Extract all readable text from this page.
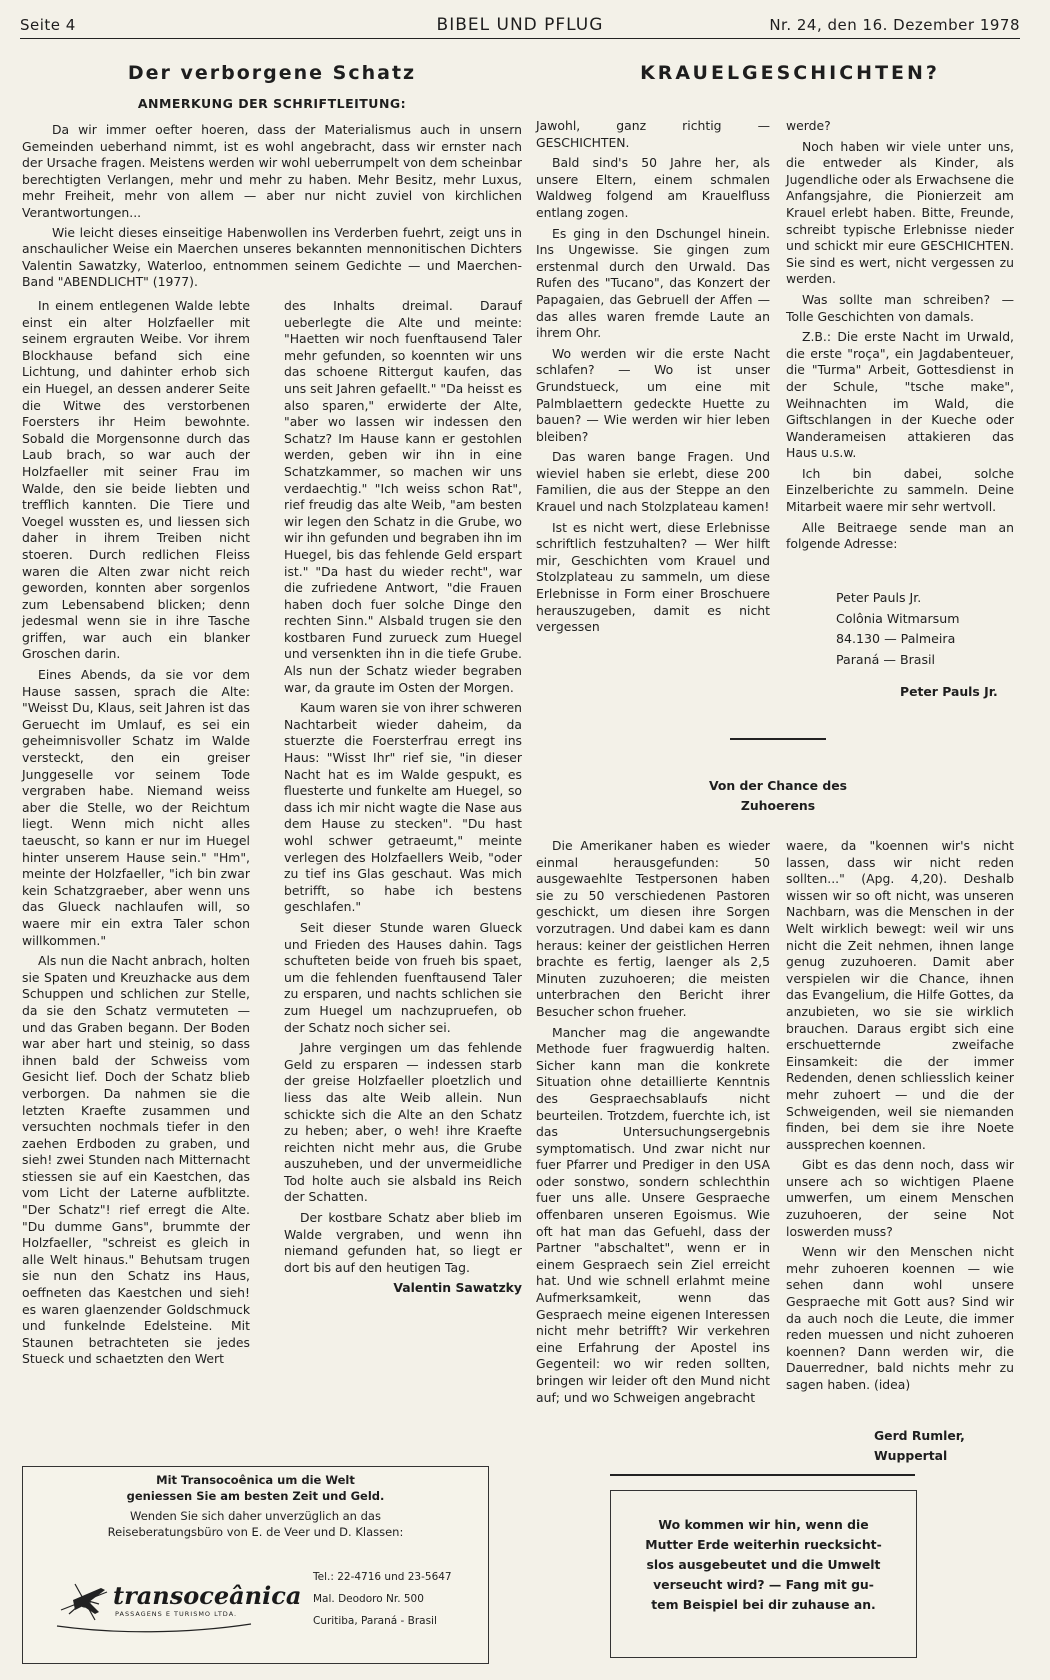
Seite 4	BIBEL UND PFLUG	Nr. 24, den 16. Dezember 1978
Der verborgene Schatz
ANMERKUNG DER SCHRIFTLEITUNG:

Da wir immer oefter hoeren, dass der Materialismus auch in unsern Gemeinden ueberhand nimmt, ist es wohl angebracht, dass wir ernster nach der Ursache fragen. Meistens werden wir wohl ueberrumpelt von dem scheinbar berechtigten Verlangen, mehr und mehr zu haben. Mehr Besitz, mehr Luxus, mehr Freiheit, mehr von allem — aber nur nicht zuviel von kirchlichen Verantwortungen...

Wie leicht dieses einseitige Habenwollen ins Verderben fuehrt, zeigt uns in anschaulicher Weise ein Maerchen unseres bekannten mennonitischen Dichters Valentin Sawatzky, Waterloo, entnommen seinem Gedichte — und Maerchen-Band "ABENDLICHT" (1977).

In einem entlegenen Walde lebte einst ein alter Holzfaeller mit seinem ergrauten Weibe. Vor ihrem Blockhause befand sich eine Lichtung, und dahinter erhob sich ein Huegel, an dessen anderer Seite die Witwe des verstorbenen Foersters ihr Heim bewohnte. Sobald die Morgensonne durch das Laub brach, so war auch der Holzfaeller mit seiner Frau im Walde, den sie beide liebten und trefflich kannten. Die Tiere und Voegel wussten es, und liessen sich daher in ihrem Treiben nicht stoeren. Durch redlichen Fleiss waren die Alten zwar nicht reich geworden, konnten aber sorgenlos zum Lebensabend blicken; denn jedesmal wenn sie in ihre Tasche griffen, war auch ein blanker Groschen darin.

Eines Abends, da sie vor dem Hause sassen, sprach die Alte: "Weisst Du, Klaus, seit Jahren ist das Geruecht im Umlauf, es sei ein geheimnisvoller Schatz im Walde versteckt, den ein greiser Junggeselle vor seinem Tode vergraben habe. Niemand weiss aber die Stelle, wo der Reichtum liegt. Wenn mich nicht alles taeuscht, so kann er nur im Huegel hinter unserem Hause sein." "Hm", meinte der Holzfaeller, "ich bin zwar kein Schatzgraeber, aber wenn uns das Glueck nachlaufen will, so waere mir ein extra Taler schon willkommen."

Als nun die Nacht anbrach, holten sie Spaten und Kreuzhacke aus dem Schuppen und schlichen zur Stelle, da sie den Schatz vermuteten — und das Graben begann. Der Boden war aber hart und steinig, so dass ihnen bald der Schweiss vom Gesicht lief. Doch der Schatz blieb verborgen. Da nahmen sie die letzten Kraefte zusammen und versuchten nochmals tiefer in den zaehen Erdboden zu graben, und sieh! zwei Stunden nach Mitternacht stiessen sie auf ein Kaestchen, das vom Licht der Laterne aufblitzte. "Der Schatz"! rief erregt die Alte. "Du dumme Gans", brummte der Holzfaeller, "schreist es gleich in alle Welt hinaus." Behutsam trugen sie nun den Schatz ins Haus, oeffneten das Kaestchen und sieh! es waren glaenzender Goldschmuck und funkelnde Edelsteine. Mit Staunen betrachteten sie jedes Stueck und schaetzten den Wert

des Inhalts dreimal. Darauf ueberlegte die Alte und meinte: "Haetten wir noch fuenftausend Taler mehr gefunden, so koennten wir uns das schoene Rittergut kaufen, das uns seit Jahren gefaellt." "Da heisst es also sparen," erwiderte der Alte, "aber wo lassen wir indessen den Schatz? Im Hause kann er gestohlen werden, geben wir ihn in eine Schatzkammer, so machen wir uns verdaechtig." "Ich weiss schon Rat", rief freudig das alte Weib, "am besten wir legen den Schatz in die Grube, wo wir ihn gefunden und begraben ihn im Huegel, bis das fehlende Geld erspart ist." "Da hast du wieder recht", war die zufriedene Antwort, "die Frauen haben doch fuer solche Dinge den rechten Sinn." Alsbald trugen sie den kostbaren Fund zurueck zum Huegel und versenkten ihn in die tiefe Grube. Als nun der Schatz wieder begraben war, da graute im Osten der Morgen.

Kaum waren sie von ihrer schweren Nachtarbeit wieder daheim, da stuerzte die Foersterfrau erregt ins Haus: "Wisst Ihr" rief sie, "in dieser Nacht hat es im Walde gespukt, es fluesterte und funkelte am Huegel, so dass ich mir nicht wagte die Nase aus dem Hause zu stecken". "Du hast wohl schwer getraeumt," meinte verlegen des Holzfaellers Weib, "oder zu tief ins Glas geschaut. Was mich betrifft, so habe ich bestens geschlafen."

Seit dieser Stunde waren Glueck und Frieden des Hauses dahin. Tags schufteten beide von frueh bis spaet, um die fehlenden fuenftausend Taler zu ersparen, und nachts schlichen sie zum Huegel um nachzupruefen, ob der Schatz noch sicher sei.

Jahre vergingen um das fehlende Geld zu ersparen — indessen starb der greise Holzfaeller ploetzlich und liess das alte Weib allein. Nun schickte sich die Alte an den Schatz zu heben; aber, o weh! ihre Kraefte reichten nicht mehr aus, die Grube auszuheben, und der unvermeidliche Tod holte auch sie alsbald ins Reich der Schatten.

Der kostbare Schatz aber blieb im Walde vergraben, und wenn ihn niemand gefunden hat, so liegt er dort bis auf den heutigen Tag.

Valentin Sawatzky
KRAUELGESCHICHTEN?

Jawohl, ganz richtig — GESCHICHTEN.

Bald sind's 50 Jahre her, als unsere Eltern, einem schmalen Waldweg folgend am Krauelfluss entlang zogen.

Es ging in den Dschungel hinein. Ins Ungewisse. Sie gingen zum erstenmal durch den Urwald. Das Rufen des "Tucano", das Konzert der Papagaien, das Gebruell der Affen — das alles waren fremde Laute an ihrem Ohr.

Wo werden wir die erste Nacht schlafen? — Wo ist unser Grundstueck, um eine mit Palmblaettern gedeckte Huette zu bauen? — Wie werden wir hier leben bleiben?

Das waren bange Fragen. Und wieviel haben sie erlebt, diese 200 Familien, die aus der Steppe an den Krauel und nach Stolzplateau kamen!

Ist es nicht wert, diese Erlebnisse schriftlich festzuhalten? — Wer hilft mir, Geschichten vom Krauel und Stolzplateau zu sammeln, um diese Erlebnisse in Form einer Broschuere herauszugeben, damit es nicht vergessen

werde?

Noch haben wir viele unter uns, die entweder als Kinder, als Jugendliche oder als Erwachsene die Anfangsjahre, die Pionierzeit am Krauel erlebt haben. Bitte, Freunde, schreibt typische Erlebnisse nieder und schickt mir eure GESCHICHTEN. Sie sind es wert, nicht vergessen zu werden.

Was sollte man schreiben? — Tolle Geschichten von damals.

Z.B.: Die erste Nacht im Urwald, die erste "roça", ein Jagdabenteuer, die "Turma" Arbeit, Gottesdienst in der Schule, "tsche make", Weihnachten im Wald, die Giftschlangen in der Kueche oder Wanderameisen attakieren das Haus u.s.w.

Ich bin dabei, solche Einzelberichte zu sammeln. Deine Mitarbeit waere mir sehr wertvoll.

Alle Beitraege sende man an folgende Adresse:

Peter Pauls Jr.
Colônia Witmarsum
84.130 — Palmeira
Paraná — Brasil
Peter Pauls Jr.
Von der Chance des
Zuhoerens

Die Amerikaner haben es wieder einmal herausgefunden: 50 ausgewaehlte Testpersonen haben sie zu 50 verschiedenen Pastoren geschickt, um diesen ihre Sorgen vorzutragen. Und dabei kam es dann heraus: keiner der geistlichen Herren brachte es fertig, laenger als 2,5 Minuten zuzuhoeren; die meisten unterbrachen den Bericht ihrer Besucher schon frueher.

Mancher mag die angewandte Methode fuer fragwuerdig halten. Sicher kann man die konkrete Situation ohne detaillierte Kenntnis des Gespraechsablaufs nicht beurteilen. Trotzdem, fuerchte ich, ist das Untersuchungsergebnis symptomatisch. Und zwar nicht nur fuer Pfarrer und Prediger in den USA oder sonstwo, sondern schlechthin fuer uns alle. Unsere Gespraeche offenbaren unseren Egoismus. Wie oft hat man das Gefuehl, dass der Partner "abschaltet", wenn er in einem Gespraech sein Ziel erreicht hat. Und wie schnell erlahmt meine Aufmerksamkeit, wenn das Gespraech meine eigenen Interessen nicht mehr betrifft? Wir verkehren eine Erfahrung der Apostel ins Gegenteil: wo wir reden sollten, bringen wir leider oft den Mund nicht auf; und wo Schweigen angebracht

waere, da "koennen wir's nicht lassen, dass wir nicht reden sollten..." (Apg. 4,20). Deshalb wissen wir so oft nicht, was unseren Nachbarn, was die Menschen in der Welt wirklich bewegt: weil wir uns nicht die Zeit nehmen, ihnen lange genug zuzuhoeren. Damit aber verspielen wir die Chance, ihnen das Evangelium, die Hilfe Gottes, da anzubieten, wo sie sie wirklich brauchen. Daraus ergibt sich eine erschuetternde zweifache Einsamkeit: die der immer Redenden, denen schliesslich keiner mehr zuhoert — und die der Schweigenden, weil sie niemanden finden, bei dem sie ihre Noete aussprechen koennen.

Gibt es das denn noch, dass wir unsere ach so wichtigen Plaene umwerfen, um einem Menschen zuzuhoeren, der seine Not loswerden muss?

Wenn wir den Menschen nicht mehr zuhoeren koennen — wie sehen dann wohl unsere Gespraeche mit Gott aus? Sind wir da auch noch die Leute, die immer reden muessen und nicht zuhoeren koennen? Dann werden wir, die Dauerredner, bald nichts mehr zu sagen haben. (idea)

Gerd Rumler,
Wuppertal
Mit Transocoênica um die Welt
geniessen Sie am besten Zeit und Geld.
Wenden Sie sich daher unverzüglich an das
Reiseberatungsbüro von E. de Veer und D. Klassen:
transoceânica
PASSAGENS E TURISMO LTDA.
Tel.: 22-4716 und 23-5647
Mal. Deodoro Nr. 500
Curitiba, Paraná - Brasil
Wo kommen wir hin, wenn die
Mutter Erde weiterhin ruecksicht-
slos ausgebeutet und die Umwelt
verseucht wird? — Fang mit gu-
tem Beispiel bei dir zuhause an.
